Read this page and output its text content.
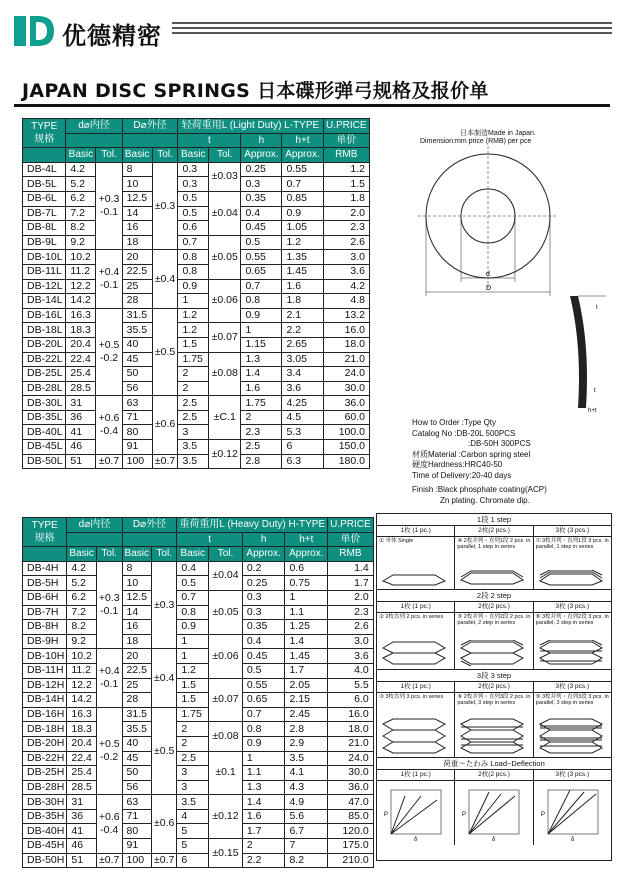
优德精密
JAPAN DISC SPRINGS 日本碟形弹弓规格及报价单
TYPE
规格	d⌀内径		D⌀外径		轻荷重用L (Light Duty) L-TYPE				U.PRICE
					t		h	h+t	单价
	Basic	Tol.	Basic	Tol.	Basic	Tol.	Approx.	Approx.	RMB
DB-4L	4.2	+0.3
-0.1	8	±0.3	0.3	±0.03	0.25	0.55	1.2
DB-5L	5.2		10		0.3		0.3	0.7	1.5
DB-6L	6.2		12.5		0.5	±0.04	0.35	0.85	1.8
DB-7L	7.2		14		0.5		0.4	0.9	2.0
DB-8L	8.2		16		0.6		0.45	1.05	2.3
DB-9L	9.2		18		0.7	±0.05	0.5	1.2	2.6
DB-10L	10.2	+0.4
-0.1	20	±0.4	0.8		0.55	1.35	3.0
DB-11L	11.2		22.5		0.8		0.65	1.45	3.6
DB-12L	12.2		25		0.9	±0.06	0.7	1.6	4.2
DB-14L	14.2		28		1		0.8	1.8	4.8
DB-16L	16.3	+0.5
-0.2	31.5	±0.5	1.2		0.9	2.1	13.2
DB-18L	18.3		35.5		1.2	±0.07	1	2.2	16.0
DB-20L	20.4		40		1.5		1.15	2.65	18.0
DB-22L	22.4		45		1.75	±0.08	1.3	3.05	21.0
DB-25L	25.4		50		2		1.4	3.4	24.0
DB-28L	28.5		56		2		1.6	3.6	30.0
DB-30L	31	+0.6
-0.4	63	±0.6	2.5	±C.1	1.75	4.25	36.0
DB-35L	36		71		2.5		2	4.5	60.0
DB-40L	41		80		3		2.3	5.3	100.0
DB-45L	46		91		3.5	±0.12	2.5	6	150.0
DB-50L	51	±0.7	100	±0.7	3.5		2.8	6.3	180.0
TYPE
规格	d⌀内径		D⌀外径		重荷重用L (Heavy Duty) H-TYPE				U.PRICE
					t		h	h+t	单价
	Basic	Tol.	Basic	Tol.	Basic	Tol.	Approx.	Approx.	RMB
DB-4H	4.2	+0.3
-0.1	8	±0.3	0.4	±0.04	0.2	0.6	1.4
DB-5H	5.2		10		0.5		0.25	0.75	1.7
DB-6H	6.2		12.5		0.7	±0.05	0.3	1	2.0
DB-7H	7.2		14		0.8		0.3	1.1	2.3
DB-8H	8.2		16		0.9		0.35	1.25	2.6
DB-9H	9.2		18		1	±0.06	0.4	1.4	3.0
DB-10H	10.2	+0.4
-0.1	20	±0.4	1		0.45	1.45	3.6
DB-11H	11.2		22.5		1.2		0.5	1.7	4.0
DB-12H	12.2		25		1.5	±0.07	0.55	2.05	5.5
DB-14H	14.2		28		1.5		0.65	2.15	6.0
DB-16H	16.3	+0.5
-0.2	31.5	±0.5	1.75		0.7	2.45	16.0
DB-18H	18.3		35.5		2	±0.08	0.8	2.8	18.0
DB-20H	20.4		40		2		0.9	2.9	21.0
DB-22H	22.4		45		2.5	±0.1	1	3.5	24.0
DB-25H	25.4		50		3		1.1	4.1	30.0
DB-28H	28.5		56		3		1.3	4.3	36.0
DB-30H	31	+0.6
-0.4	63	±0.6	3.5	±0.12	1.4	4.9	47.0
DB-35H	36		71		4		1.6	5.6	85.0
DB-40H	41		80		5		1.7	6.7	120.0
DB-45H	46		91		5	±0.15	2	7	175.0
DB-50H	51	±0.7	100	±0.7	6		2.2	8.2	210.0
日本制造Made in Japan.
Dimension:mm price (RMB) per pce
d
D
t
t
h+t
How to Order :Type Qty
Catalog No :DB-20L 500PCS
:DB-50H 300PCS
材质Material :Carbon spring steel
硬度Hardness:HRC40-50
Time of Delivery:20-40 days
Finish :Black phosphate coating(ACP)
Zn plating. Chromate dip.
1段 1 step
1枚 (1 pc.)	2枚(2 pcs.)	3枚 (3 pcs.)
① 单体 Single	④ 2枚并列・直列1段 2 pcs. in parallel, 1 step in series
⑦ 3枚并列・直列1段 3 pcs. in parallel, 1 step in series
2段 2 step
1枚 (1 pc.)	2枚(2 pcs.)	3枚 (3 pcs.)
② 2枚直列 2 pcs. in series	⑤ 2枚并列・直列2段 2 pcs. in parallel, 2 step in series
⑧ 3枚并列・直列2段 3 pcs. in parallel, 2 step in series
3段 3 step
1枚 (1 pc.)	2枚(2 pcs.)	3枚 (3 pcs.)
③ 3枚直列 3 pcs. in series	⑥ 2枚并列・直列3段 2 pcs. in parallel, 3 step in series
⑨ 3枚并列・直列3段 3 pcs. in parallel, 3 step in series
荷重〜たわみ Load~Deflection
1枚 (1 pc.)	2枚(2 pcs.)	3枚 (3 pcs.)
P
δ
P
δ
P
δ
